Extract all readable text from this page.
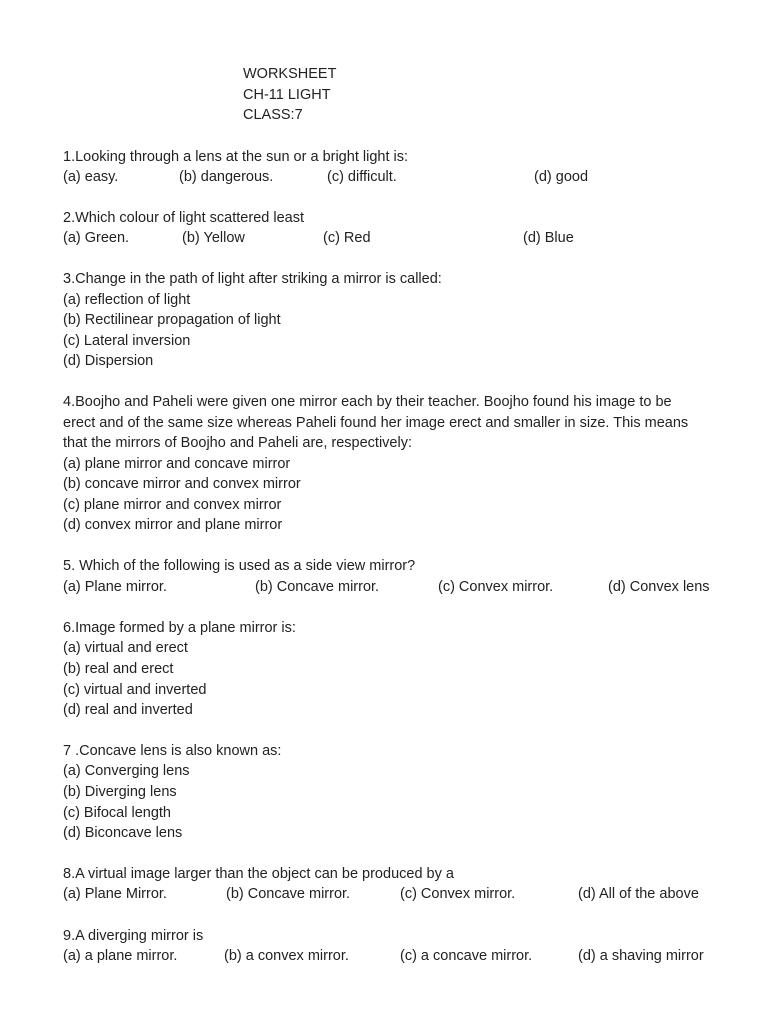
WORKSHEET
CH-11 LIGHT
CLASS:7
1.Looking through a lens at the sun or a bright light is:
(a) easy.	(b) dangerous.	(c) difficult.	(d) good
2.Which colour of light scattered least
(a) Green.	(b) Yellow	(c) Red	(d) Blue
3.Change in the path of light after striking a mirror is called:
(a) reflection of light
(b) Rectilinear propagation of light
(c) Lateral inversion
(d) Dispersion
4.Boojho and Paheli were given one mirror each by their teacher. Boojho found his image to be
erect and of the same size whereas Paheli found her image erect and smaller in size. This means
that the mirrors of Boojho and Paheli are, respectively:
(a) plane mirror and concave mirror
(b) concave mirror and convex mirror
(c) plane mirror and convex mirror
(d) convex mirror and plane mirror
5. Which of the following is used as a side view mirror?
(a) Plane mirror.	(b) Concave mirror.	(c) Convex mirror.	(d) Convex lens
6.Image formed by a plane mirror is:
(a) virtual and erect
(b) real and erect
(c) virtual and inverted
(d) real and inverted
7 .Concave lens is also known as:
(a) Converging lens
(b) Diverging lens
(c) Bifocal length
(d) Biconcave lens
8.A virtual image larger than the object can be produced by a
(a) Plane Mirror.	(b) Concave mirror.	(c) Convex mirror.	(d) All of the above
9.A diverging mirror is
(a) a plane mirror.	(b) a convex mirror.	(c) a concave mirror.	(d) a shaving mirror
